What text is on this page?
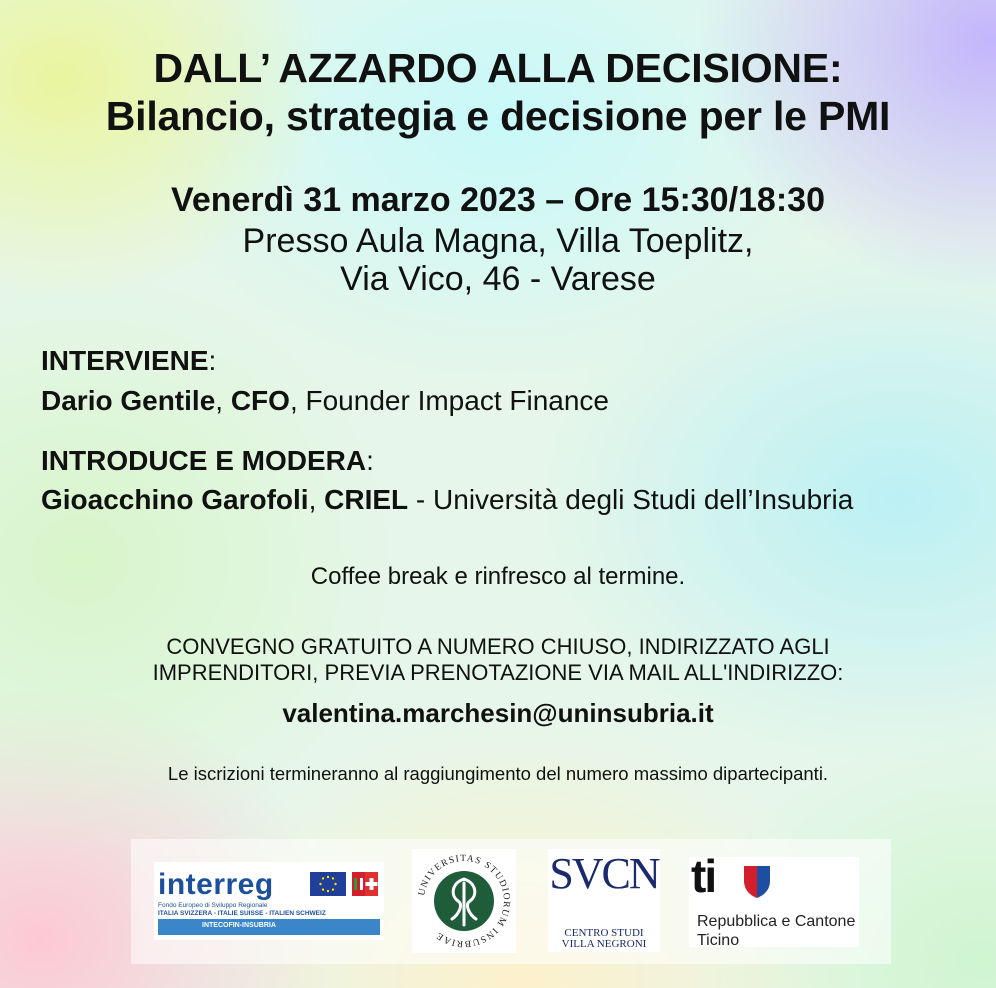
DALL’ AZZARDO ALLA DECISIONE:
Bilancio, strategia e decisione per le PMI
Venerdì 31 marzo 2023 – Ore 15:30/18:30
Presso Aula Magna, Villa Toeplitz,
Via Vico, 46 - Varese
INTERVIENE:
Dario Gentile, CFO, Founder Impact Finance
INTRODUCE E MODERA:
Gioacchino Garofoli, CRIEL - Università degli Studi dell’Insubria
Coffee break e rinfresco al termine.
CONVEGNO GRATUITO A NUMERO CHIUSO, INDIRIZZATO AGLI
IMPRENDITORI, PREVIA PRENOTAZIONE VIA MAIL ALL'INDIRIZZO:
valentina.marchesin@uninsubria.it
Le iscrizioni termineranno al raggiungimento del numero massimo dipartecipanti.
interreg
Fondo Europeo di Sviluppo Regionale
ITALIA SVIZZERA - ITALIE SUISSE - ITALIEN SCHWEIZ
INTECOFIN-INSUBRIA
UNIVERSITAS STUDIORUM INSUBRIAE
SVCN
CENTRO STUDI
VILLA NEGRONI
ti
Repubblica e Cantone
Ticino
